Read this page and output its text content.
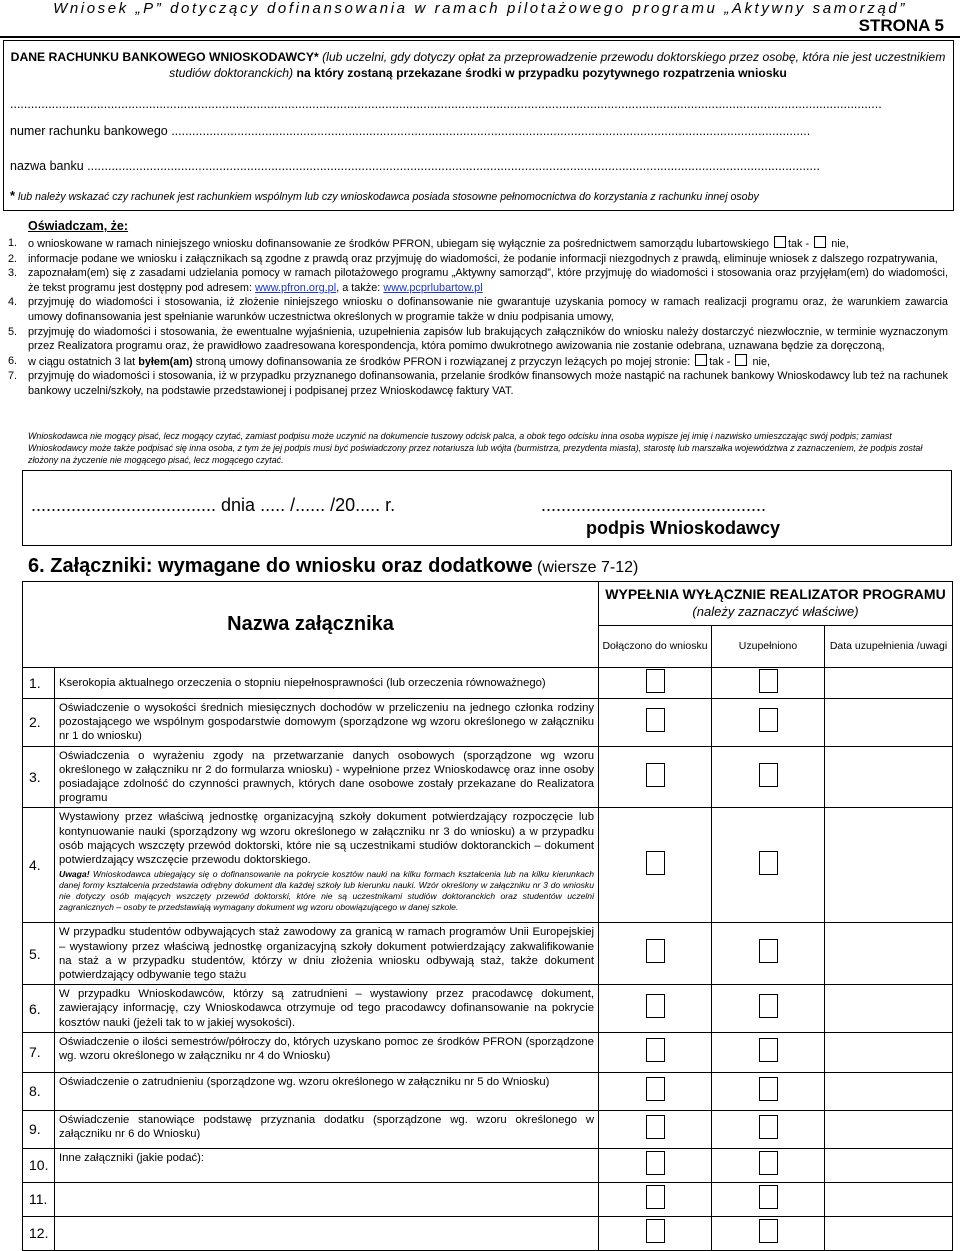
Wniosek „P” dotyczący dofinansowania w ramach pilotażowego programu „Aktywny samorząd”
STRONA 5
DANE RACHUNKU BANKOWEGO WNIOSKODAWCY* (lub uczelni, gdy dotyczy opłat za przeprowadzenie przewodu doktorskiego przez osobę, która nie jest uczestnikiem studiów doktoranckich) na który zostaną przekazane środki w przypadku pozytywnego rozpatrzenia wniosku
...........................................................................................................................................................................................................................................................
numer rachunku bankowego ........................................................................................................................................................................................
nazwa banku ...................................................................................................................................................................................................................
* lub należy wskazać czy rachunek jest rachunkiem wspólnym lub czy wnioskodawca posiada stosowne pełnomocnictwa do korzystania z rachunku innej osoby
Oświadczam, że:
1.	o wnioskowane w ramach niniejszego wniosku dofinansowanie ze środków PFRON, ubiegam się wyłącznie za pośrednictwem samorządu lubartowskiego tak - nie,
2.	informacje podane we wniosku i załącznikach są zgodne z prawdą oraz przyjmuję do wiadomości, że podanie informacji niezgodnych z prawdą, eliminuje wniosek z dalszego rozpatrywania,
3.	zapoznałam(em) się z zasadami udzielania pomocy w ramach pilotażowego programu „Aktywny samorząd”, które przyjmuję do wiadomości i stosowania oraz przyjęłam(em) do wiadomości, że tekst programu jest dostępny pod adresem: www.pfron.org.pl, a także: www.pcprlubartow.pl
4.	przyjmuję do wiadomości i stosowania, iż złożenie niniejszego wniosku o dofinansowanie nie gwarantuje uzyskania pomocy w ramach realizacji programu oraz, że warunkiem zawarcia umowy dofinansowania jest spełnianie warunków uczestnictwa określonych w programie także w dniu podpisania umowy,
5.	przyjmuję do wiadomości i stosowania, że ewentualne wyjaśnienia, uzupełnienia zapisów lub brakujących załączników do wniosku należy dostarczyć niezwłocznie, w terminie wyznaczonym przez Realizatora programu oraz, że prawidłowo zaadresowana korespondencja, która pomimo dwukrotnego awizowania nie zostanie odebrana, uznawana będzie za doręczoną,
6.	w ciągu ostatnich 3 lat byłem(am) stroną umowy dofinansowania ze środków PFRON i rozwiązanej z przyczyn leżących po mojej stronie: tak - nie,
7.	przyjmuję do wiadomości i stosowania, iż w przypadku przyznanego dofinansowania, przelanie środków finansowych może nastąpić na rachunek bankowy Wnioskodawcy lub też na rachunek bankowy uczelni/szkoły, na podstawie przedstawionej i podpisanej przez Wnioskodawcę faktury VAT.
Wnioskodawca nie mogący pisać, lecz mogący czytać, zamiast podpisu może uczynić na dokumencie tuszowy odcisk palca, a obok tego odcisku inna osoba wypisze jej imię i nazwisko umieszczając swój podpis; zamiast Wnioskodawcy może także podpisać się inna osoba, z tym że jej podpis musi być poświadczony przez notariusza lub wójta (burmistrza, prezydenta miasta), starostę lub marszałka województwa z zaznaczeniem, że podpis został złożony na życzenie nie mogącego pisać, lecz mogącego czytać.
..................................... dnia ..... /...... /20..... r.	.............................................
podpis Wnioskodawcy
6. Załączniki: wymagane do wniosku oraz dodatkowe (wiersze 7-12)
Nazwa załącznika		WYPEŁNIA WYŁĄCZNIE REALIZATOR PROGRAMU (należy zaznaczyć właściwe)		
		Dołączono do wniosku	Uzupełniono	Data uzupełnienia /uwagi
1.	Kserokopia aktualnego orzeczenia o stopniu niepełnosprawności (lub orzeczenia równoważnego)			
2.	Oświadczenie o wysokości średnich miesięcznych dochodów w przeliczeniu na jednego członka rodziny pozostającego we wspólnym gospodarstwie domowym (sporządzone wg wzoru określonego w załączniku nr 1 do wniosku)			
3.	Oświadczenia o wyrażeniu zgody na przetwarzanie danych osobowych (sporządzone wg wzoru określonego w załączniku nr 2 do formularza wniosku) - wypełnione przez Wnioskodawcę oraz inne osoby posiadające zdolność do czynności prawnych, których dane osobowe zostały przekazane do Realizatora programu			
4.	Wystawiony przez właściwą jednostkę organizacyjną szkoły dokument potwierdzający rozpoczęcie lub kontynuowanie nauki (sporządzony wg wzoru określonego w załączniku nr 3 do wniosku) a w przypadku osób mających wszczęty przewód doktorski, które nie są uczestnikami studiów doktoranckich – dokument potwierdzający wszczęcie przewodu doktorskiego.
Uwaga! Wnioskodawca ubiegający się o dofinansowanie na pokrycie kosztów nauki na kilku formach kształcenia lub na kilku kierunkach danej formy kształcenia przedstawia odrębny dokument dla każdej szkoły lub kierunku nauki. Wzór określony w załączniku nr 3 do wniosku nie dotyczy osób mających wszczęty przewód doktorski, które nie są uczestnikami studiów doktoranckich oraz studentów uczelni zagranicznych – osoby te przedstawiają wymagany dokument wg wzoru obowiązującego w danej szkole.			

5.	W przypadku studentów odbywających staż zawodowy za granicą w ramach programów Unii Europejskiej – wystawiony przez właściwą jednostkę organizacyjną szkoły dokument potwierdzający zakwalifikowanie na staż a w przypadku studentów, którzy w dniu złożenia wniosku odbywają staż, także dokument potwierdzający odbywanie tego stażu			
6.	W przypadku Wnioskodawców, którzy są zatrudnieni – wystawiony przez pracodawcę dokument, zawierający informację, czy Wnioskodawca otrzymuje od tego pracodawcy dofinansowanie na pokrycie kosztów nauki (jeżeli tak to w jakiej wysokości).			
7.	Oświadczenie o ilości semestrów/półroczy do, których uzyskano pomoc ze środków PFRON (sporządzone wg. wzoru określonego w załączniku nr 4 do Wniosku)			
8.	Oświadczenie o zatrudnieniu (sporządzone wg. wzoru określonego w załączniku nr 5 do Wniosku)			
9.	Oświadczenie stanowiące podstawę przyznania dodatku (sporządzone wg. wzoru określonego w załączniku nr 6 do Wniosku)			
10.	Inne załączniki (jakie podać):			
11.				
12.				
